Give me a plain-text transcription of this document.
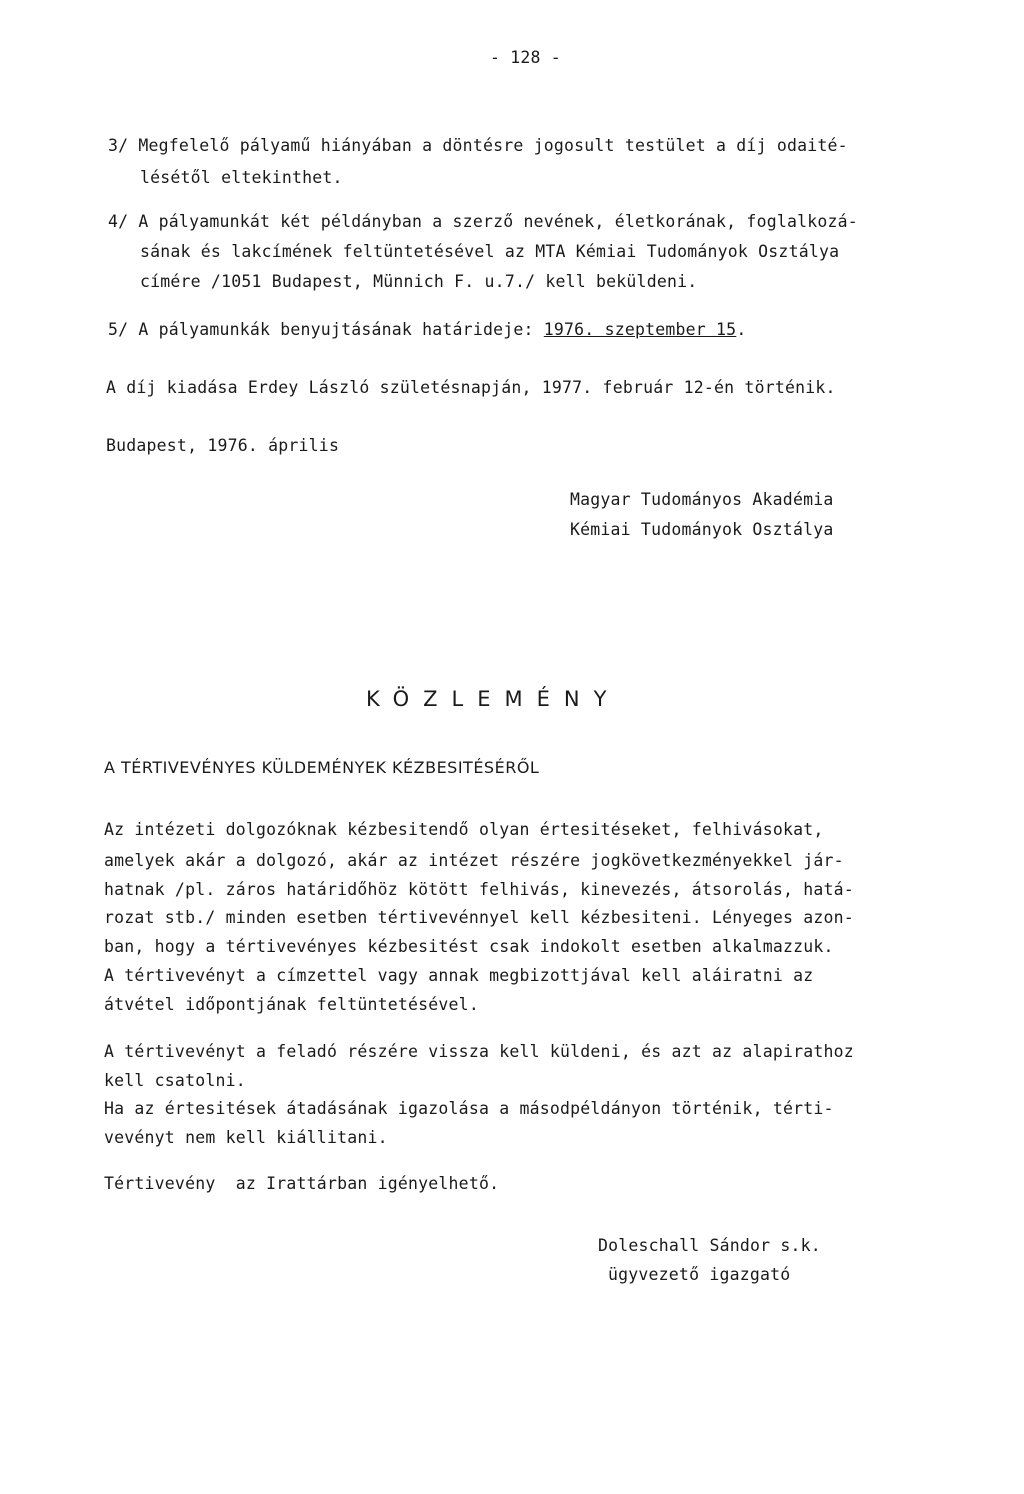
- 128 -
3/ Megfelelő pályamű hiányában a döntésre jogosult testület a díj odaité-
lésétől eltekinthet.
4/ A pályamunkát két példányban a szerző nevének, életkorának, foglalkozá-
sának és lakcímének feltüntetésével az MTA Kémiai Tudományok Osztálya
címére /1051 Budapest, Münnich F. u.7./ kell beküldeni.
5/ A pályamunkák benyujtásának határideje: 1976. szeptember 15.
A díj kiadása Erdey László születésnapján, 1977. február 12-én történik.
Budapest, 1976. április
Magyar Tudományos Akadémia
Kémiai Tudományok Osztálya
KÖZLEMÉNY
A TÉRTIVEVÉNYES KÜLDEMÉNYEK KÉZBESITÉSÉRŐL
Az intézeti dolgozóknak kézbesitendő olyan értesitéseket, felhivásokat,
amelyek akár a dolgozó, akár az intézet részére jogkövetkezményekkel jár-
hatnak /pl. záros határidőhöz kötött felhivás, kinevezés, átsorolás, hatá-
rozat stb./ minden esetben tértivevénnyel kell kézbesiteni. Lényeges azon-
ban, hogy a tértivevényes kézbesitést csak indokolt esetben alkalmazzuk.
A tértivevényt a címzettel vagy annak megbizottjával kell aláiratni az
átvétel időpontjának feltüntetésével.
A tértivevényt a feladó részére vissza kell küldeni, és azt az alapirathoz
kell csatolni.
Ha az értesitések átadásának igazolása a másodpéldányon történik, térti-
vevényt nem kell kiállitani.
Tértivevény  az Irattárban igényelhető.
Doleschall Sándor s.k.
ügyvezető igazgató
